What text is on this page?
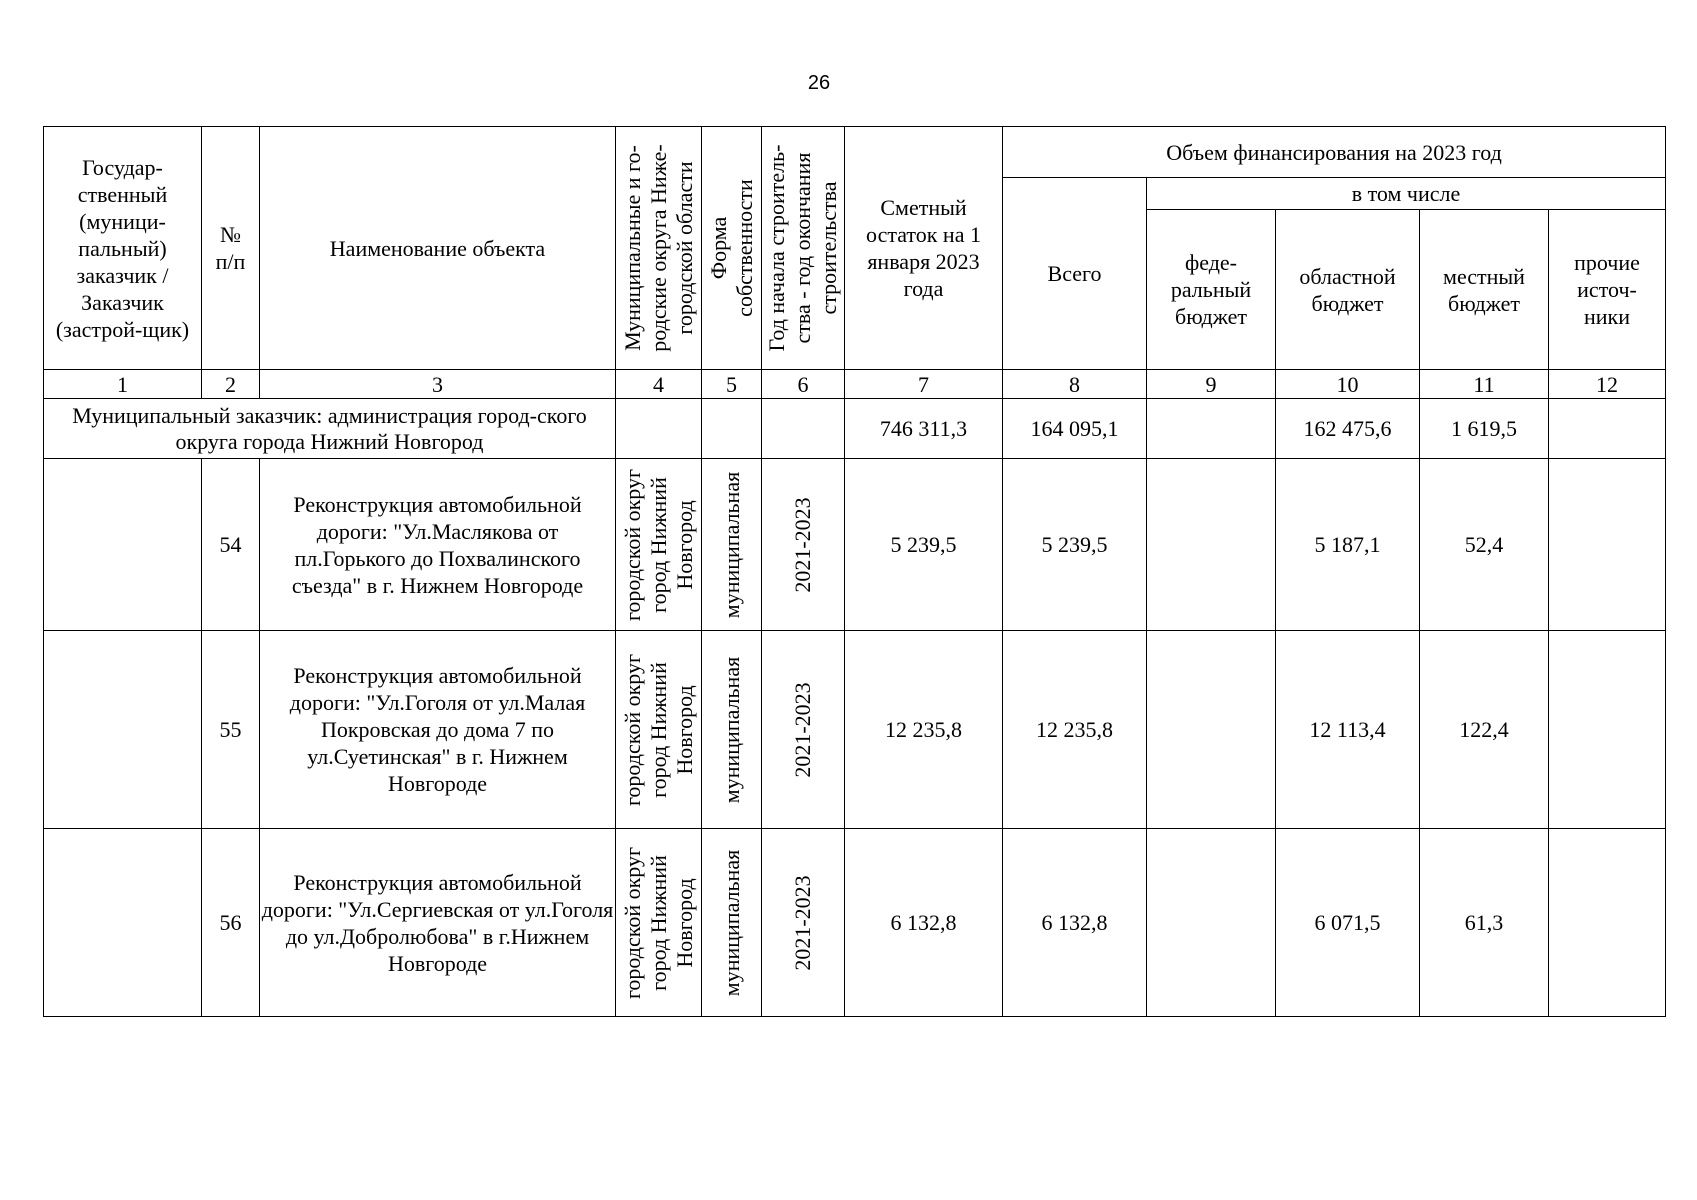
26
Государ-ственный (муници-пальный) заказчик / Заказчик (застрой-щик)	№ п/п	Наименование объекта	Муниципальные и го-родские округа Ниже-городской области	Форма собственности	Год начала строитель-ства - год окончания строительства	Сметный остаток на 1 января 2023 года	Объем финансирования на 2023 год				
							Всего	в том числе			
								феде-ральный бюджет	областной бюджет	местный бюджет	прочие источ-ники
1	2	3	4	5	6	7	8	9	10	11	12
Муниципальный заказчик: администрация город-ского округа города Нижний Новгород						746 311,3	164 095,1		162 475,6	1 619,5	
	54	Реконструкция автомобильной дороги: "Ул.Маслякова от пл.Горького до Похвалинского съезда" в г. Нижнем Новгороде	городской округ город Нижний Новгород	муниципальная	2021-2023	5 239,5	5 239,5		5 187,1	52,4	
	55	Реконструкция автомобильной дороги: "Ул.Гоголя от ул.Малая Покровская до дома 7 по ул.Суетинская" в г. Нижнем Новгороде	городской округ город Нижний Новгород	муниципальная	2021-2023	12 235,8	12 235,8		12 113,4	122,4	
	56	Реконструкция автомобильной дороги: "Ул.Сергиевская от ул.Гоголя до ул.Добролюбова" в г.Нижнем Новгороде	городской округ город Нижний Новгород	муниципальная	2021-2023	6 132,8	6 132,8		6 071,5	61,3	
